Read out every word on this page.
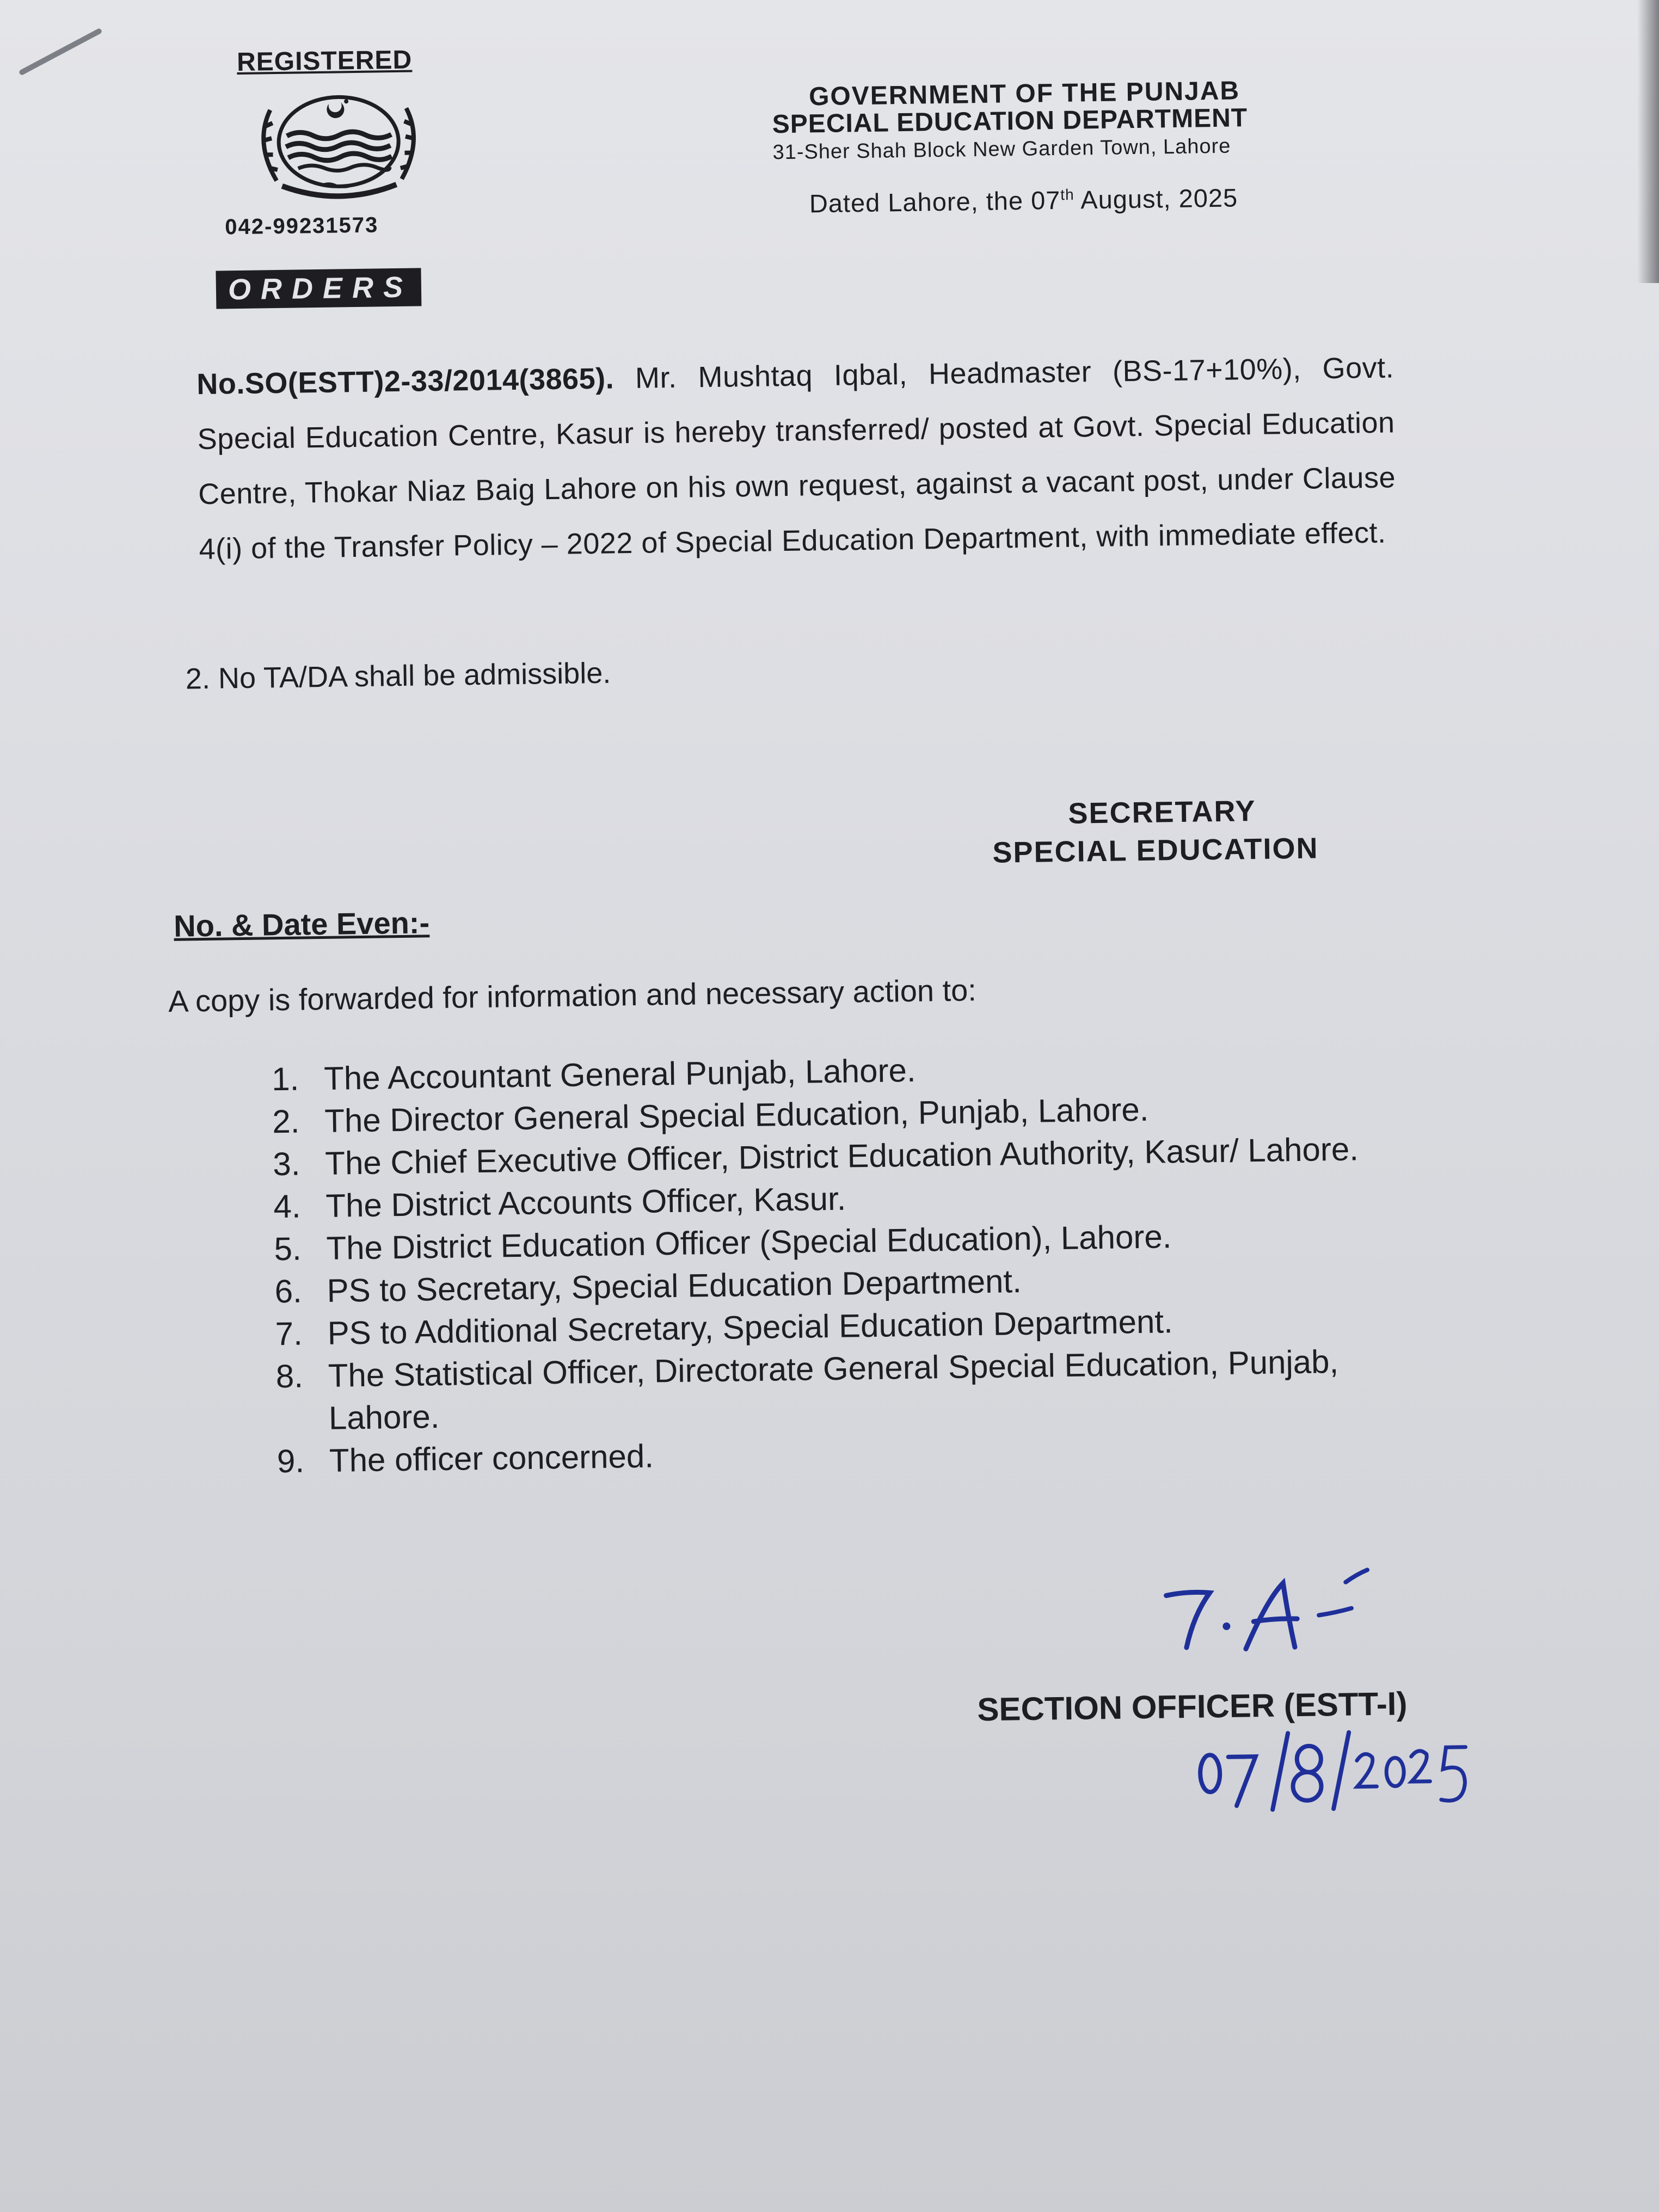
REGISTERED
042-99231573
ORDERS
GOVERNMENT OF THE PUNJAB
SPECIAL EDUCATION DEPARTMENT
31-Sher Shah Block New Garden Town, Lahore
Dated Lahore, the 07th August, 2025
No.SO(ESTT)2-33/2014(3865). Mr. Mushtaq Iqbal, Headmaster (BS-17+10%), Govt. Special Education Centre, Kasur is hereby transferred/ posted at Govt. Special Education Centre, Thokar Niaz Baig Lahore on his own request, against a vacant post, under Clause 4(i) of the Transfer Policy – 2022 of Special Education Department, with immediate effect.
2. No TA/DA shall be admissible.
SECRETARY
SPECIAL EDUCATION
No. & Date Even:-
A copy is forwarded for information and necessary action to:
1. The Accountant General Punjab, Lahore.
2. The Director General Special Education, Punjab, Lahore.
3. The Chief Executive Officer, District Education Authority, Kasur/ Lahore.
4. The District Accounts Officer, Kasur.
5. The District Education Officer (Special Education), Lahore.
6. PS to Secretary, Special Education Department.
7. PS to Additional Secretary, Special Education Department.
8. The Statistical Officer, Directorate General Special Education, Punjab, Lahore.
9. The officer concerned.
SECTION OFFICER (ESTT-I)
